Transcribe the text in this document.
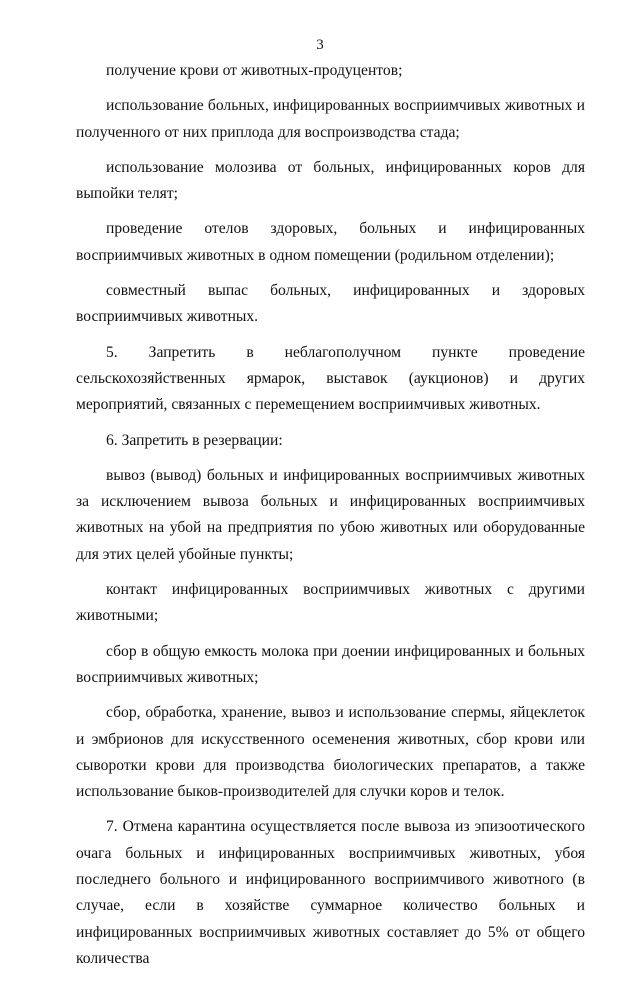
3

получение крови от животных-продуцентов;

использование больных, инфицированных восприимчивых животных и полученного от них приплода для воспроизводства стада;

использование молозива от больных, инфицированных коров для выпойки телят;

проведение отелов здоровых, больных и инфицированных восприимчивых животных в одном помещении (родильном отделении);

совместный выпас больных, инфицированных и здоровых восприимчивых животных.

5. Запретить в неблагополучном пункте проведение сельскохозяйственных ярмарок, выставок (аукционов) и других мероприятий, связанных с перемещением восприимчивых животных.

6. Запретить в резервации:

вывоз (вывод) больных и инфицированных восприимчивых животных за исключением вывоза больных и инфицированных восприимчивых животных на убой на предприятия по убою животных или оборудованные для этих целей убойные пункты;

контакт инфицированных восприимчивых животных с другими животными;

сбор в общую емкость молока при доении инфицированных и больных восприимчивых животных;

сбор, обработка, хранение, вывоз и использование спермы, яйцеклеток и эмбрионов для искусственного осеменения животных, сбор крови или сыворотки крови для производства биологических препаратов, а также использование быков-производителей для случки коров и телок.

7. Отмена карантина осуществляется после вывоза из эпизоотического очага больных и инфицированных восприимчивых животных, убоя последнего больного и инфицированного восприимчивого животного (в случае, если в хозяйстве суммарное количество больных и инфицированных восприимчивых животных составляет до 5% от общего количества
